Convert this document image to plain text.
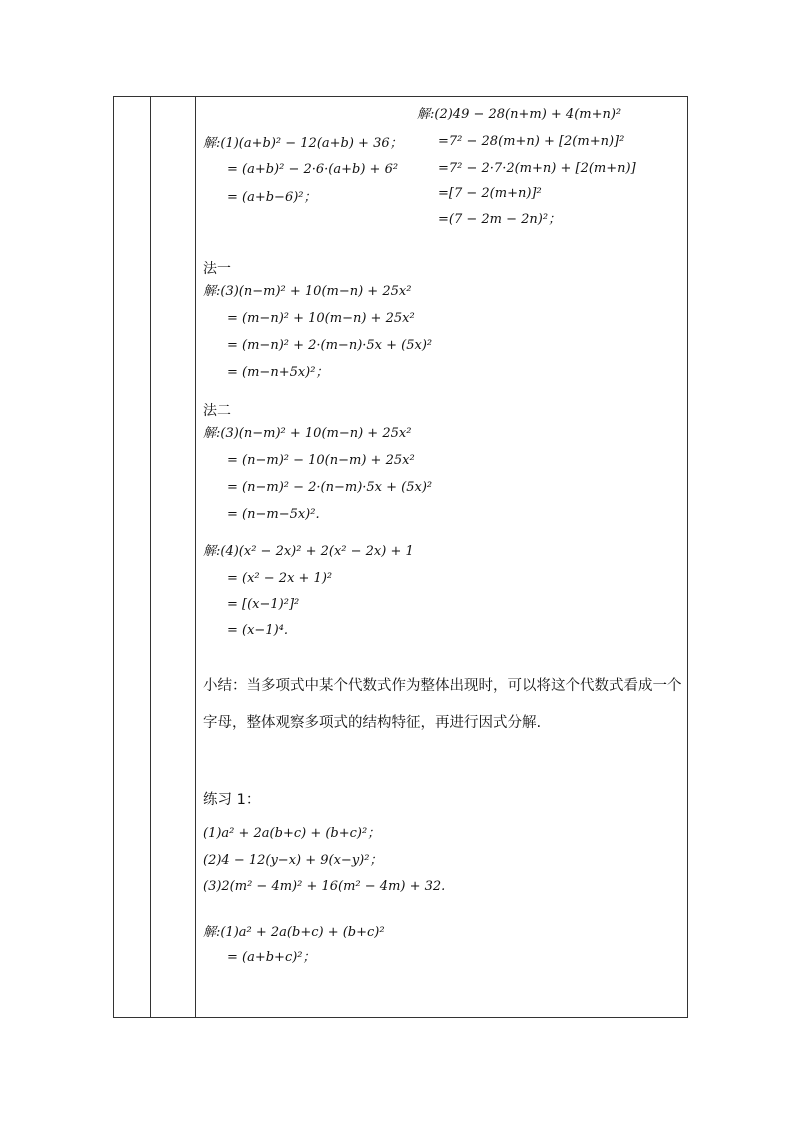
解:(2)49 − 28(n+m) + 4(m+n)²
=7² − 28(m+n) + [2(m+n)]²
=7² − 2·7·2(m+n) + [2(m+n)]
=[7 − 2(m+n)]²
=(7 − 2m − 2n)²；
解:(1)(a+b)² − 12(a+b) + 36；
= (a+b)² − 2·6·(a+b) + 6²
= (a+b−6)²；
法一
解:(3)(n−m)² + 10(m−n) + 25x²
= (m−n)² + 10(m−n) + 25x²
= (m−n)² + 2·(m−n)·5x + (5x)²
= (m−n+5x)²；
法二
解:(3)(n−m)² + 10(m−n) + 25x²
= (n−m)² − 10(n−m) + 25x²
= (n−m)² − 2·(n−m)·5x + (5x)²
= (n−m−5x)².
解:(4)(x² − 2x)² + 2(x² − 2x) + 1
= (x² − 2x + 1)²
= [(x−1)²]²
= (x−1)⁴.
小结：当多项式中某个代数式作为整体出现时，可以将这个代数式看成一个字母，整体观察多项式的结构特征，再进行因式分解.
练习 1：
(1)a² + 2a(b+c) + (b+c)²；
(2)4 − 12(y−x) + 9(x−y)²；
(3)2(m² − 4m)² + 16(m² − 4m) + 32.
解:(1)a² + 2a(b+c) + (b+c)²
= (a+b+c)²；
